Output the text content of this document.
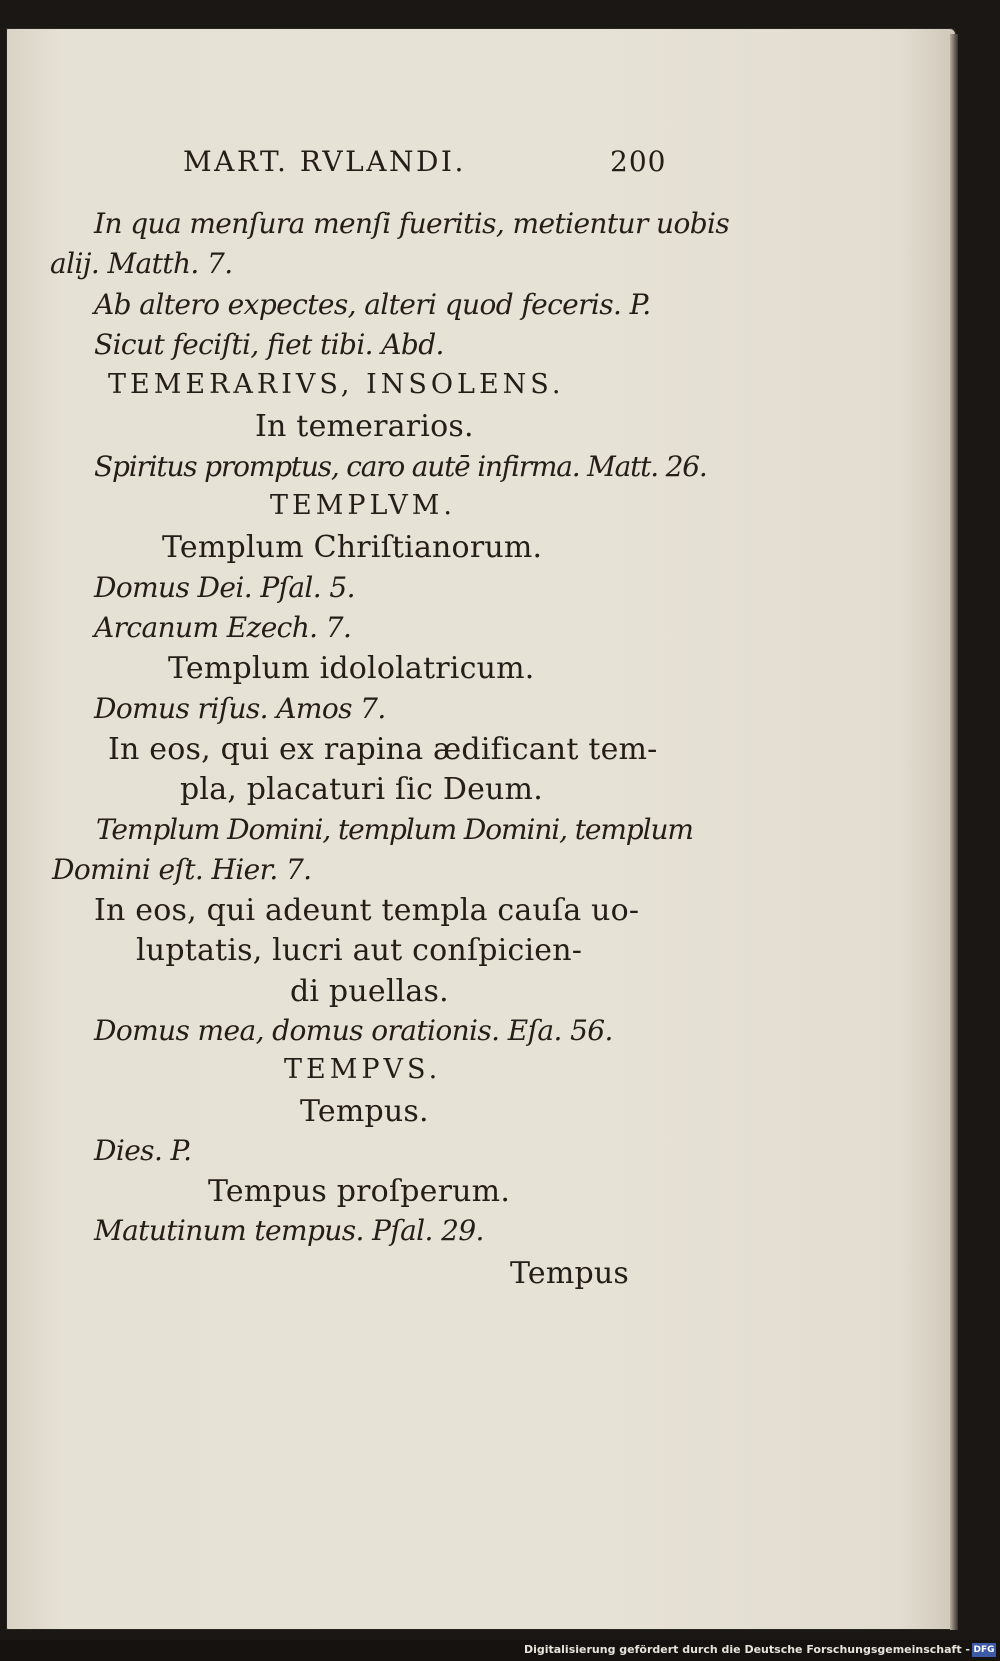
MART. RVLANDI.	200
In qua menſura menſi fueritis, metientur uobis
alij. Matth. 7.
Ab altero expectes, alteri quod feceris. P.
Sicut feciſti, fiet tibi. Abd.
TEMERARIVS, INSOLENS.
In temerarios.
Spiritus promptus, caro autē infirma. Matt. 26.
TEMPLVM.
Templum Chriſtianorum.
Domus Dei. Pſal. 5.
Arcanum Ezech. 7.
Templum idololatricum.
Domus riſus. Amos 7.
In eos, qui ex rapina ædificant tem-
pla, placaturi ſic Deum.
Templum Domini, templum Domini, templum
Domini eſt. Hier. 7.
In eos, qui adeunt templa cauſa uo-
luptatis, lucri aut conſpicien-
di puellas.
Domus mea, domus orationis. Eſa. 56.
TEMPVS.
Tempus.
Dies. P.
Tempus proſperum.
Matutinum tempus. Pſal. 29.
Tempus
Digitalisierung gefördert durch die Deutsche Forschungsgemeinschaft - DFG
